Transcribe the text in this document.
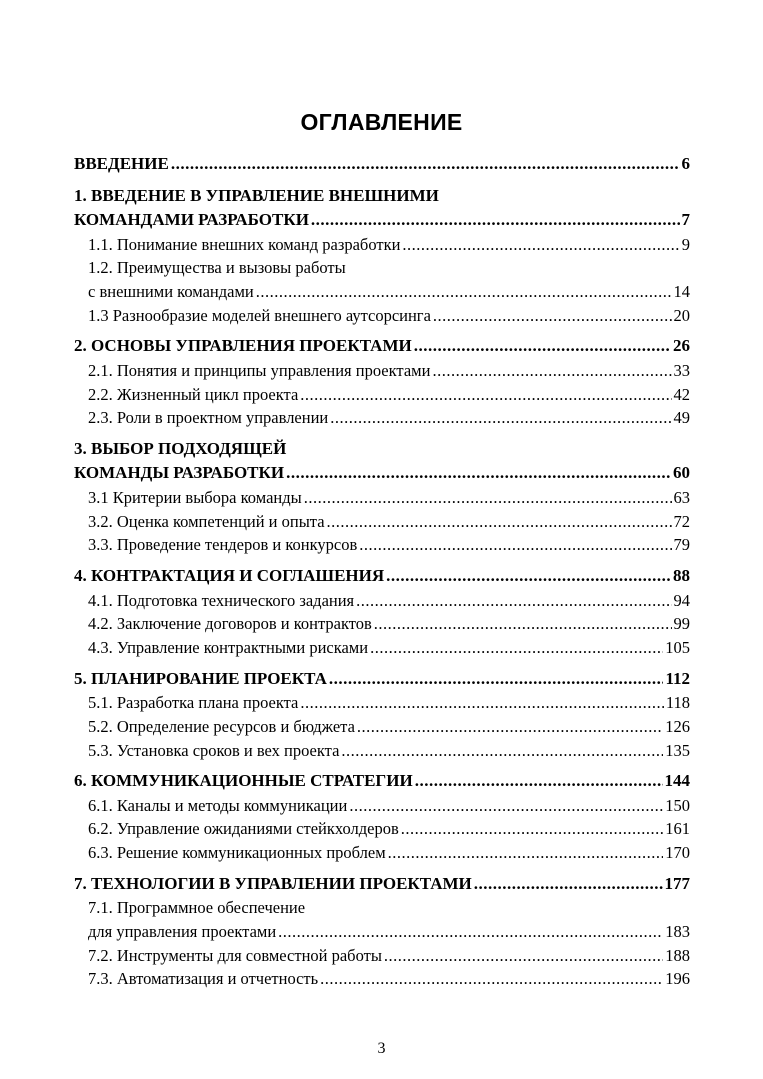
ОГЛАВЛЕНИЕ
ВВЕДЕНИЕ .....	6
1. ВВЕДЕНИЕ В УПРАВЛЕНИЕ ВНЕШНИМИ
КОМАНДАМИ РАЗРАБОТКИ .....	7
1.1. Понимание внешних команд разработки .....	9
1.2. Преимущества и вызовы работы
с внешними командами .....	14
1.3 Разнообразие моделей внешнего аутсорсинга .....	20
2. ОСНОВЫ УПРАВЛЕНИЯ ПРОЕКТАМИ .....	26
2.1. Понятия и принципы управления проектами .....	33
2.2. Жизненный цикл проекта .....	42
2.3. Роли в проектном управлении .....	49
3. ВЫБОР ПОДХОДЯЩЕЙ
КОМАНДЫ РАЗРАБОТКИ .....	60
3.1 Критерии выбора команды .....	63
3.2. Оценка компетенций и опыта .....	72
3.3. Проведение тендеров и конкурсов .....	79
4. КОНТРАКТАЦИЯ И СОГЛАШЕНИЯ .....	88
4.1. Подготовка технического задания .....	94
4.2. Заключение договоров и контрактов .....	99
4.3. Управление контрактными рисками .....	105
5. ПЛАНИРОВАНИЕ ПРОЕКТА .....	112
5.1. Разработка плана проекта .....	118
5.2. Определение ресурсов и бюджета .....	126
5.3. Установка сроков и вех проекта .....	135
6. КОММУНИКАЦИОННЫЕ СТРАТЕГИИ .....	144
6.1. Каналы и методы коммуникации .....	150
6.2. Управление ожиданиями стейкхолдеров .....	161
6.3. Решение коммуникационных проблем .....	170
7. ТЕХНОЛОГИИ В УПРАВЛЕНИИ ПРОЕКТАМИ .....	177
7.1. Программное обеспечение
для управления проектами .....	183
7.2. Инструменты для совместной работы .....	188
7.3. Автоматизация и отчетность .....	196
3
